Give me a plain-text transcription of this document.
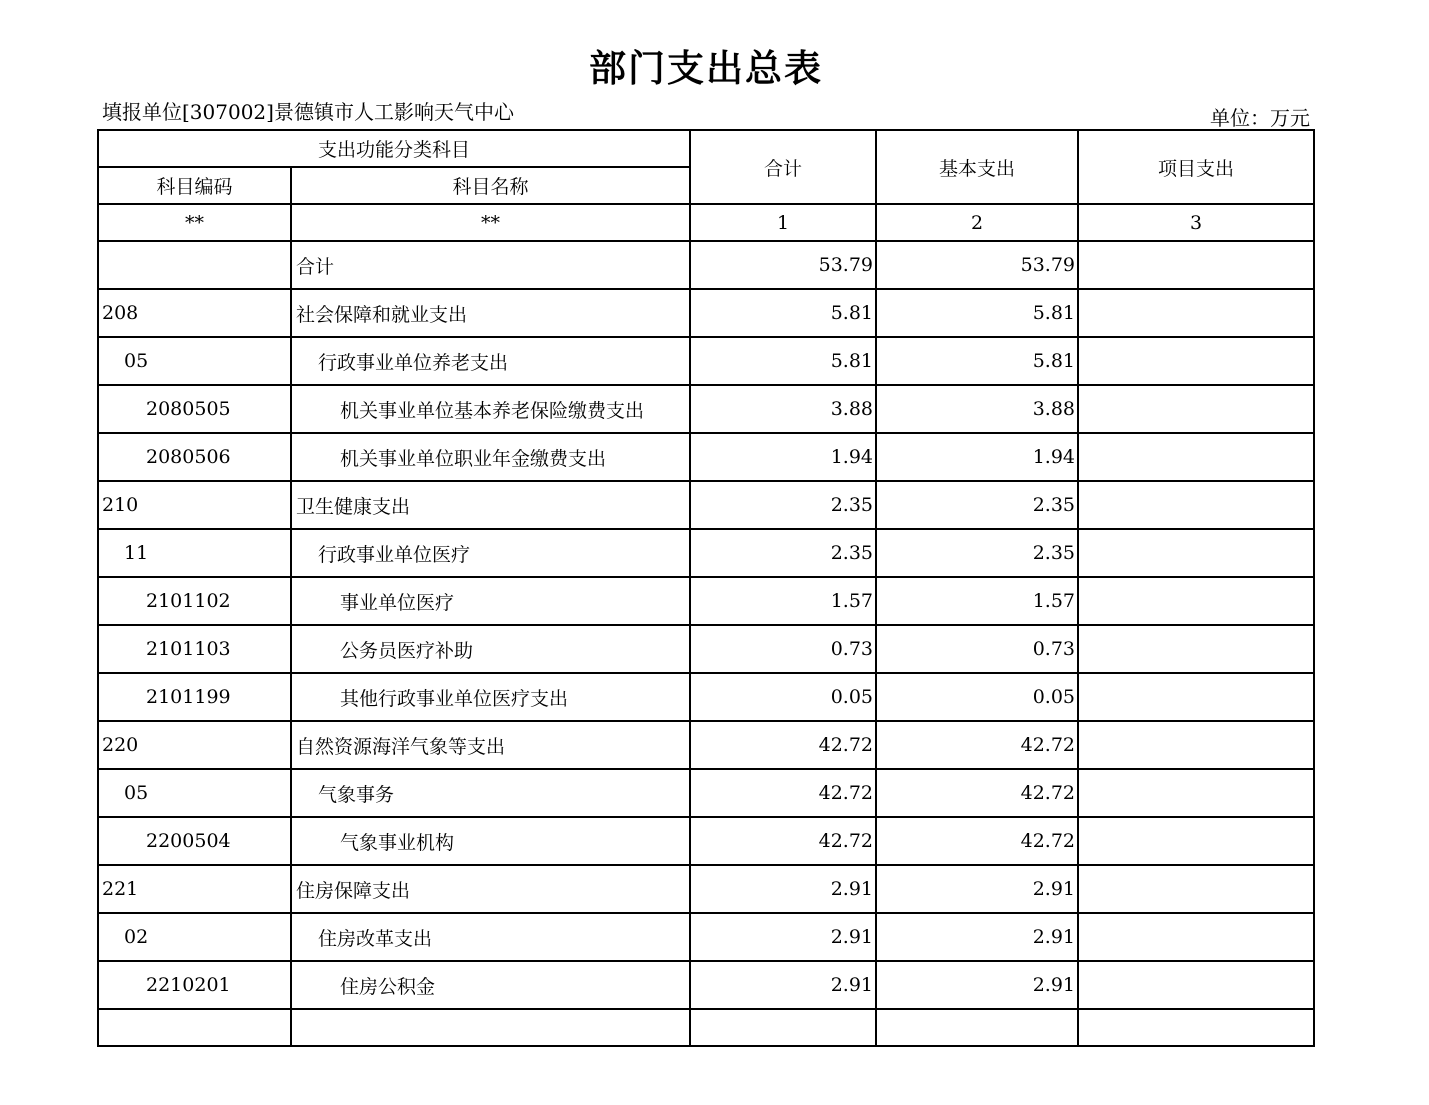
部门支出总表
填报单位[307002]景德镇市人工影响天气中心	单位：万元
支出功能分类科目		合计	基本支出	项目支出
科目编码	科目名称			
**	**	1	2	3
	合计	53.79	53.79	
208	社会保障和就业支出	5.81	5.81	
05	行政事业单位养老支出	5.81	5.81	
2080505	机关事业单位基本养老保险缴费支出	3.88	3.88	
2080506	机关事业单位职业年金缴费支出	1.94	1.94	
210	卫生健康支出	2.35	2.35	
11	行政事业单位医疗	2.35	2.35	
2101102	事业单位医疗	1.57	1.57	
2101103	公务员医疗补助	0.73	0.73	
2101199	其他行政事业单位医疗支出	0.05	0.05	
220	自然资源海洋气象等支出	42.72	42.72	
05	气象事务	42.72	42.72	
2200504	气象事业机构	42.72	42.72	
221	住房保障支出	2.91	2.91	
02	住房改革支出	2.91	2.91	
2210201	住房公积金	2.91	2.91	
